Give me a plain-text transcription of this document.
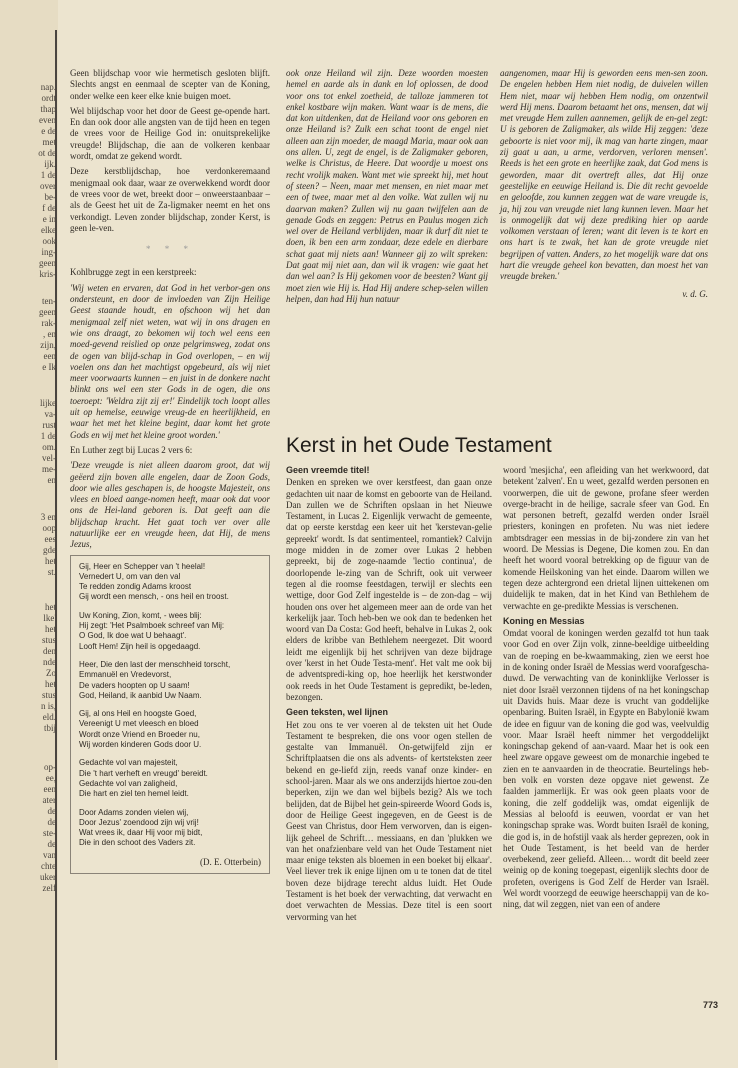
nap.
ordt
thap
even
e de
met
ot de
ijk.
1 de
over
be-
f de
e in
elke
ook
ing-
geen
kris-
ten-
geen
rak-
, en
zijn,
een
e Ik
lijke
va-
rust
1 de
om.
vel-
me-
en
3 en
oop
ees
gde
het
st.
het
lke'
het
stus
den
nde
Zo
het
stus
n is,
eld.
tbij
op-
ee,
een
ater
de
de
ste-
de
van
chte
uker
zelf

Geen blijdschap voor wie hermetisch gesloten blijft. Slechts angst en eenmaal de scepter van de Koning, onder welke een keer elke knie buigen moet.

Wel blijdschap voor het door de Geest ge-opende hart. En dan ook door alle angsten van de tijd heen en tegen de vrees voor de Heilige God in: onuitsprekelijke vreugde! Blijdschap, die aan de volkeren kenbaar wordt, omdat ze gekend wordt.

Deze kerstblijdschap, hoe verdonkeremaand menigmaal ook daar, waar ze overwekkend wordt door de vrees voor de wet, breekt door – onweerstaanbaar – als de Geest het uit de Za-ligmaker neemt en het ons verkondigt. Leven zonder blijdschap, zonder Kerst, is geen le-ven.

* * *

Kohlbrugge zegt in een kerstpreek:

'Wij weten en ervaren, dat God in het verbor-gen ons ondersteunt, en door de invloeden van Zijn Heilige Geest staande houdt, en ofschoon wij het dan menigmaal zelf niet weten, wat wij in ons dragen en wie ons draagt, zo bekomen wij toch wel eens een moed-gevend reislied op onze pelgrimsweg, zodat ons de ogen van blijd-schap in God overlopen, – en wij voelen ons dan het machtigst opgebeurd, als wij niet meer voorwaarts kunnen – en juist in de donkere nacht blinkt ons wel een ster Gods in de ogen, die ons toeroept: 'Weldra zijt zij er!' Eindelijk toch loopt alles uit op hemelse, eeuwige vreug-de en heerlijkheid, en waar het met het kleine begint, daar komt het grote Gods en wij met het kleine groot worden.'

En Luther zegt bij Lucas 2 vers 6:

'Deze vreugde is niet alleen daarom groot, dat wij geëerd zijn boven alle engelen, daar de Zoon Gods, door wie alles geschapen is, de hoogste Majesteit, ons vlees en bloed aange-nomen heeft, maar ook dat voor ons de Hei-land geboren is. Dat geeft aan die blijdschap kracht. Het gaat toch ver over alle natuurlijke eer en vreugde heen, dat Hij, de mens Jezus,

Gij, Heer en Schepper van 't heelal!
Vernedert U, om van den val
Te redden zondig Adams kroost
Gij wordt een mensch, - ons heil en troost.
Uw Koning, Zion, komt, - wees blij:
Hij zegt: 'Het Psalmboek schreef van Mij:
O God, Ik doe wat U behaagt'.
Looft Hem! Zijn heil is opgedaagd.
Heer, Die den last der menschheid torscht,
Emmanuël en Vredevorst,
De vaders hoopten op U saam!
God, Heiland, ik aanbid Uw Naam.
Gij, al ons Heil en hoogste Goed,
Vereenigt U met vleesch en bloed
Wordt onze Vriend en Broeder nu,
Wij worden kinderen Gods door U.
Gedachte vol van majesteit,
Die 't hart verheft en vreugd' bereidt.
Gedachte vol van zaligheid,
Die hart en ziel ten hemel leidt.
Door Adams zonden vielen wij,
Door Jezus' zoendood zijn wij vrij!
Wat vrees ik, daar Hij voor mij bidt,
Die in den schoot des Vaders zit.
(D. E. Otterbein)

ook onze Heiland wil zijn. Deze woorden moesten hemel en aarde als in dank en lof oplossen, de dood voor ons tot enkel zoetheid, de talloze jammeren tot enkel kostbare wijn maken. Want waar is de mens, die dat kon uitdenken, dat de Heiland voor ons geboren en onze Heiland is? Zulk een schat toont de engel niet alleen aan zijn moeder, de maagd Maria, maar ook aan ons allen. U, zegt de engel, is de Zaligmaker geboren, welke is Christus, de Heere. Dat woordje u moest ons recht vrolijk maken. Want met wie spreekt hij, met hout of steen? – Neen, maar met mensen, en niet maar met een of twee, maar met al den volke. Wat zullen wij nu daarvan maken? Zullen wij nu gaan twijfelen aan de genade Gods en zeggen: Petrus en Paulus mogen zich wel over de Heiland verblijden, maar ik durf dit niet te doen, ik ben een arm zondaar, deze edele en dierbare schat gaat mij niets aan! Wanneer gij zo wilt spreken: Dat gaat mij niet aan, dan wil ik vragen: wie gaat het dan wel aan? Is Hij gekomen voor de beesten? Want gij moet zien wie Hij is. Had Hij andere schep-selen willen helpen, dan had Hij hun natuur

aangenomen, maar Hij is geworden eens men-sen zoon. De engelen hebben Hem niet nodig, de duivelen willen Hem niet, maar wij hebben Hem nodig, om onzentwil werd Hij mens. Daarom betaamt het ons, mensen, dat wij met vreugde Hem zullen aannemen, gelijk de en-gel zegt: U is geboren de Zaligmaker, als wilde Hij zeggen: 'deze geboorte is niet voor mij, ik mag van harte zingen, maar zij gaat u aan, u arme, verdorven, verloren mensen'. Reeds is het een grote en heerlijke zaak, dat God mens is geworden, maar dit overtreft alles, dat Hij onze geestelijke en eeuwige Heiland is. Die dit recht gevoelde en geloofde, zou kunnen zeggen wat de ware vreugde is, ja, hij zou van vreugde niet lang kunnen leven. Maar het is onmogelijk dat wij deze prediking hier op aarde volkomen verstaan of leren; want dit leven is te kort en ons hart is te zwak, het kan de grote vreugde niet begrijpen of vatten. Anders, zo het mogelijk ware dat ons hart die vreugde geheel kon bevatten, dan moest het van vreugde breken.'

v. d. G.
Kerst in het Oude Testament
Geen vreemde titel!

Denken en spreken we over kerstfeest, dan gaan onze gedachten uit naar de komst en geboorte van de Heiland. Dan zullen we de Schriften opslaan in het Nieuwe Testament, in Lucas 2. Eigenlijk verwacht de gemeente, dat op eerste kerstdag een keer uit het 'kerstevan-gelie gepreekt' wordt. Is dat sentimenteel, romantiek? Calvijn moge midden in de zomer over Lukas 2 hebben gepreekt, bij de zoge-naamde 'lectio continua', de doorlopende le-zing van de Schrift, ook uit verweer tegen al die roomse feestdagen, terwijl er slechts een wettige, door God Zelf ingestelde is – de zon-dag – wij houden ons over het algemeen meer aan de orde van het kerkelijk jaar. Toch heb-ben we ook dan te bedenken het woord van Da Costa: God heeft, behalve in Lukas 2, ook elders de kribbe van Bethlehem neergezet. Dit woord leidt me eigenlijk bij het schrijven van deze bijdrage over 'kerst in het Oude Testa-ment'. Het valt me ook bij de adventspredi-king op, hoe heerlijk het kerstwonder ook reeds in het Oude Testament is gepredikt, be-leden, bezongen.

Geen teksten, wel lijnen

Het zou ons te ver voeren al de teksten uit het Oude Testament te bespreken, die ons voor ogen stellen de gestalte van Immanuël. On-getwijfeld zijn er Schriftplaatsen die ons als advents- of kertsteksten zeer bekend en ge-liefd zijn, reeds vanaf onze kinder- en school-jaren. Maar als we ons anderzijds hiertoe zou-den beperken, zijn we dan wel bijbels bezig? Als we toch belijden, dat de Bijbel het gein-spireerde Woord Gods is, door de Heilige Geest ingegeven, en de Geest is de Geest van Christus, door Hem verworven, dan is eigen-lijk geheel de Schrift… messiaans, en dan 'plukken we van het onafzienbare veld van het Oude Testament niet maar enige teksten als bloemen in een boeket bij elkaar'. Veel liever trek ik enige lijnen om u te tonen dat de titel boven deze bijdrage terecht aldus luidt. Het Oude Testament is het boek der verwachting, dat verwacht en doet verwachten de Messias. Deze titel is een soort vervorming van het

woord 'mesjicha', een afleiding van het werkwoord, dat betekent 'zalven'. En u weet, gezalfd werden personen en voorwerpen, die uit de gewone, profane sfeer werden overge-bracht in de heilige, sacrale sfeer van God. En wat personen betreft, gezalfd werden onder Israël priesters, koningen en profeten. Nu was niet iedere ambtsdrager een messias in de bij-zondere zin van het woord. De Messias is Degene, Die komen zou. En dan heeft het woord vooral betrekking op de figuur van de komende Heilskoning van het einde. Daarom willen we tegen deze achtergrond een drietal lijnen uittekenen om duidelijk te maken, dat in het Kind van Bethlehem de verwachte en ge-predikte Messias is verschenen.

Koning en Messias

Omdat vooral de koningen werden gezalfd tot hun taak voor God en over Zijn volk, zinne-beeldige uitbeelding van de roeping en be-kwaammaking, zien we eerst hoe in de koning onder Israël de Messias werd voorafgescha-duwd. De verwachting van de koninklijke Verlosser is niet door Israël verzonnen tijdens of na het koningschap uit Davids huis. Maar deze is vrucht van goddelijke openbaring. Buiten Israël, in Egypte en Babylonië kwam de idee en figuur van de koning die god was, veelvuldig voor. Maar Israël heeft nimmer het vergoddelijkt koningschap gekend of aan-vaard. Maar het is ook een heel zware opgave geweest om de monarchie ingebed te zien en te aanvaarden in de theocratie. Beurtelings heb-ben volk en vorsten deze opgave niet gewenst. Ze faalden jammerlijk. Er was ook geen plaats voor de koning, die zelf goddelijk was, omdat eigenlijk de Messias al beloofd is eeuwen, voordat er van het koningschap sprake was. Wordt buiten Israël de koning, die god is, in de hofstijl vaak als herder geprezen, ook in het Oude Testament, is het beeld van de herder overbekend, zeer geliefd. Alleen… wordt dit beeld zeer weinig op de koning toegepast, eigenlijk slechts door de profeten, overigens is God Zelf de Herder van Israël. Wel wordt voorzegd de eeuwige heerschappij van de ko-ning, dat wil zeggen, niet van een of andere

773
